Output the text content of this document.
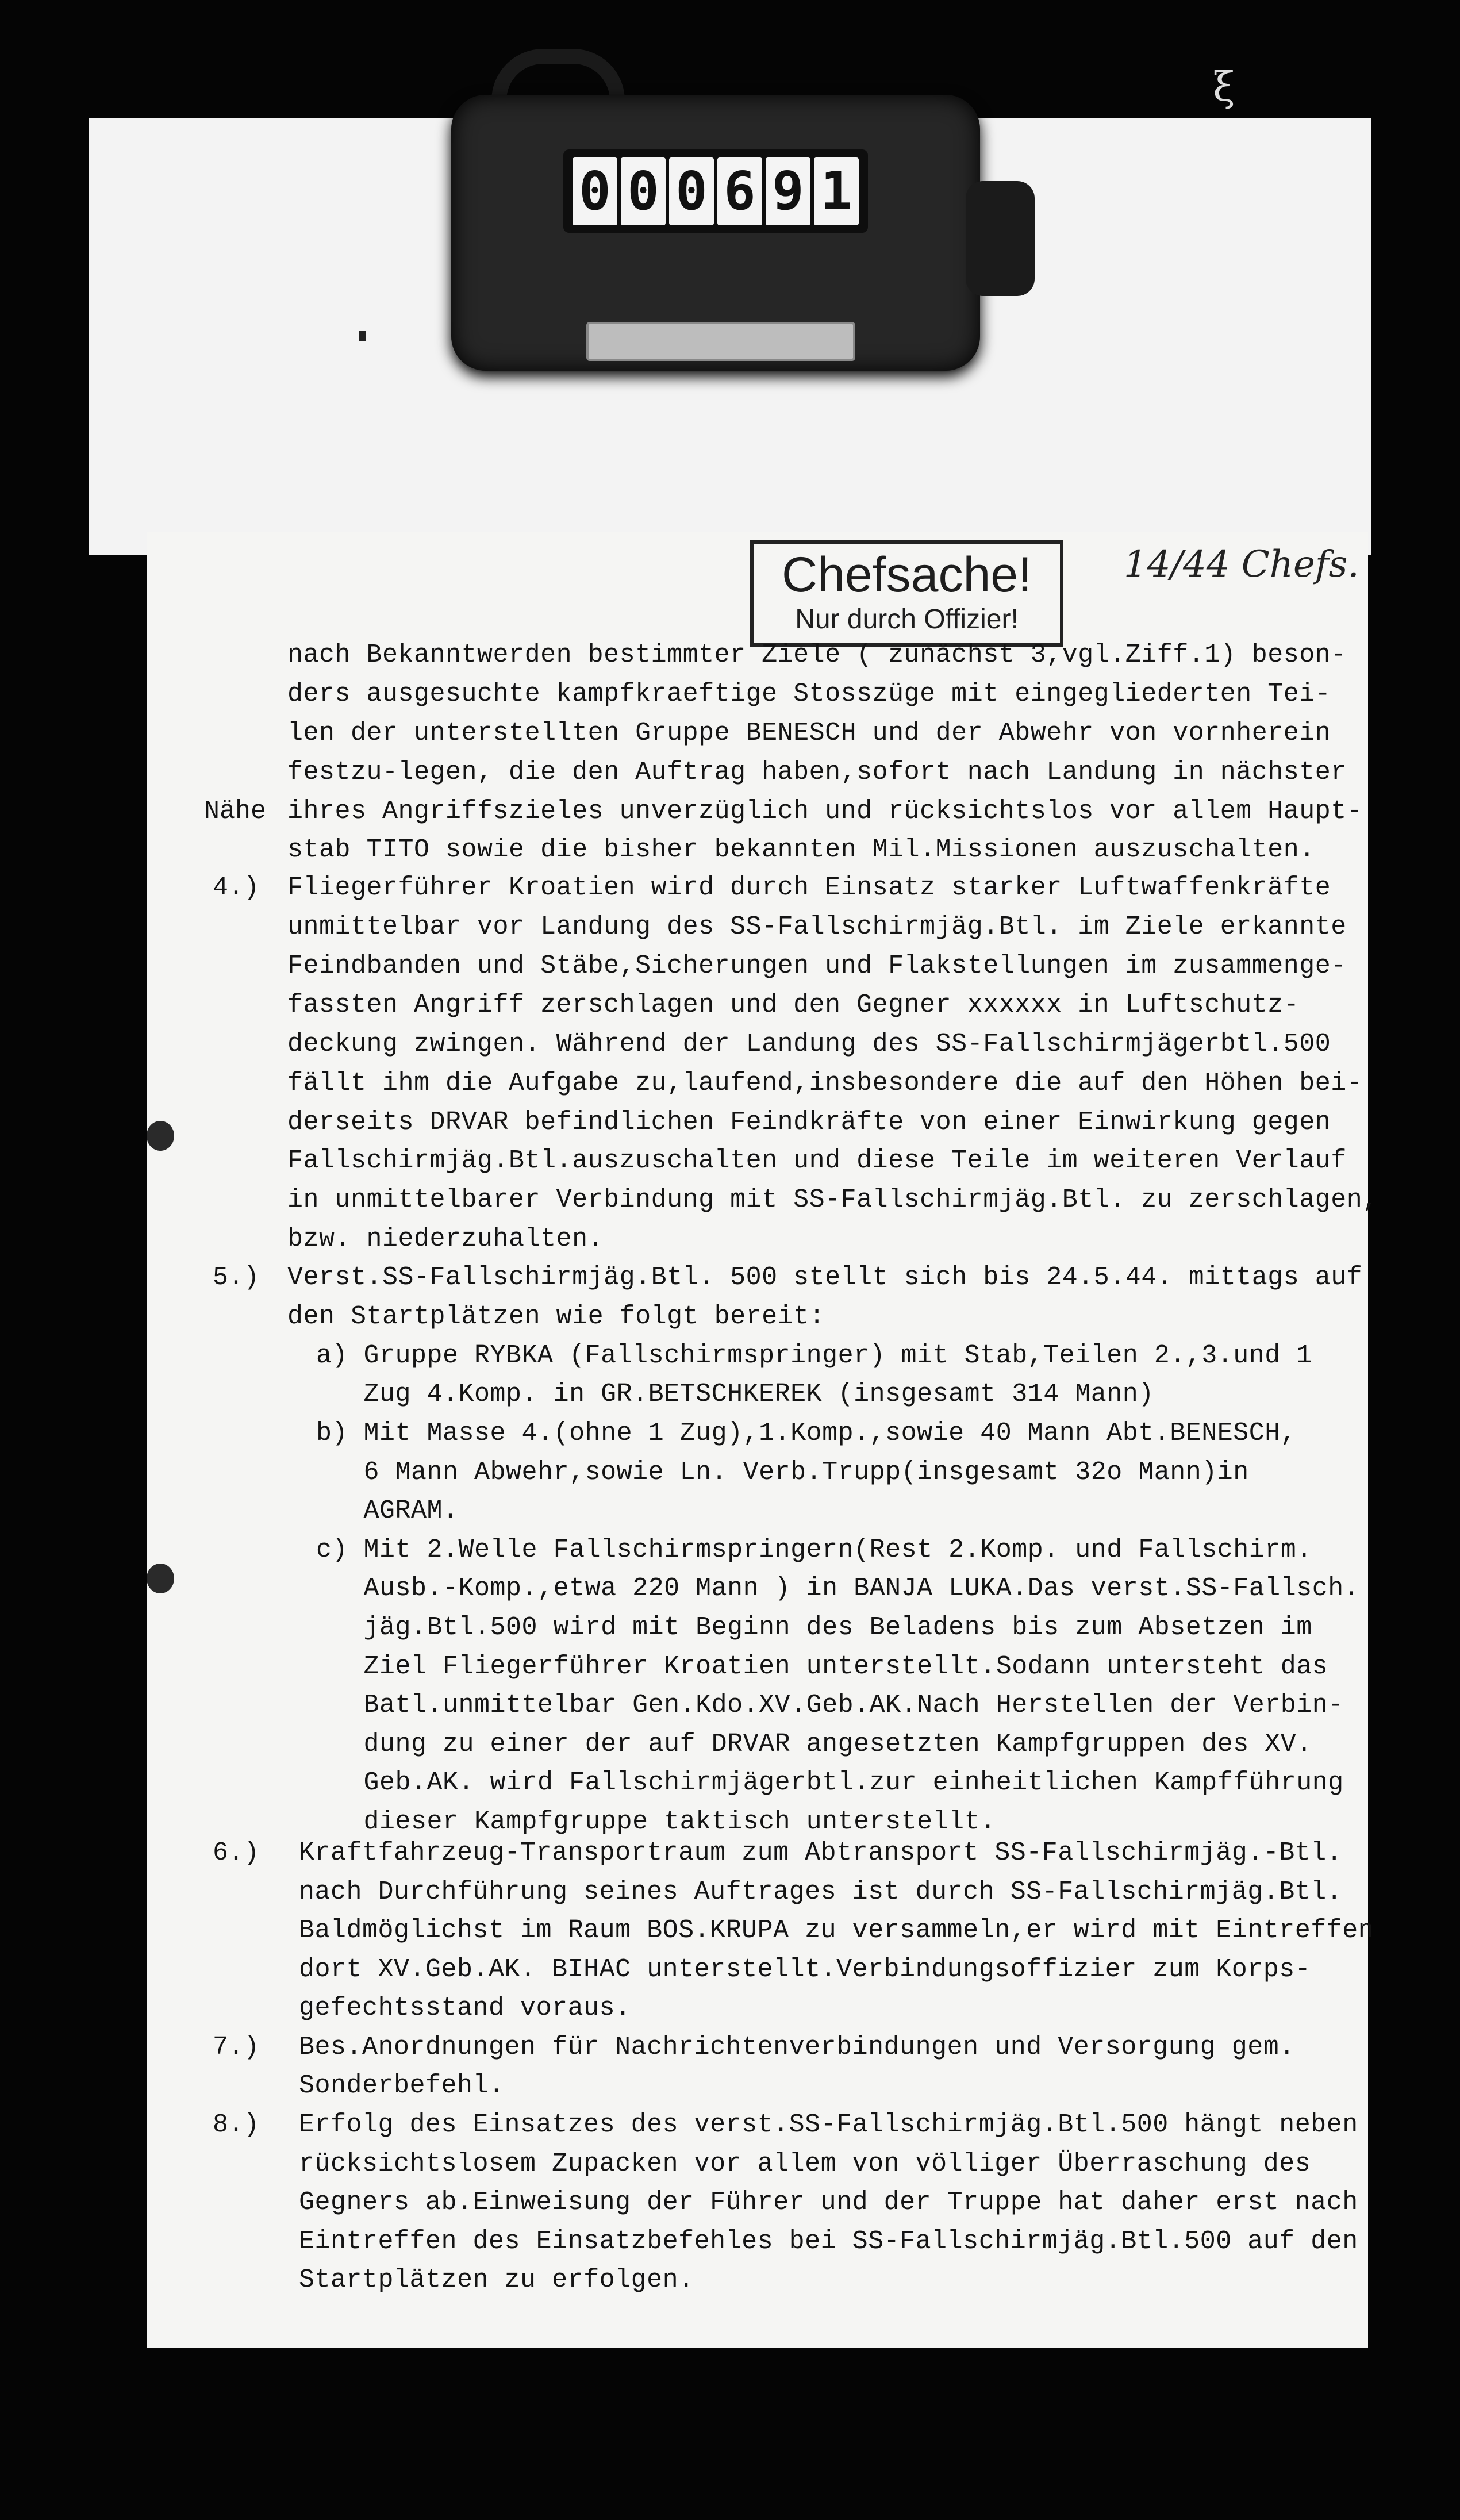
ξ
0 0 0 6 9 1
Chefsache!
Nur durch Offizier!
14/44 Chefs.
Nähe
4.)
5.)
6.)
7.)
8.)
nach Bekanntwerden bestimmter Ziele ( zunächst 3,vgl.Ziff.1) beson-
ders ausgesuchte kampfkraeftige Stosszüge mit eingegliederten Tei-
len der unterstellten Gruppe BENESCH und der Abwehr von vornherein
festzu-legen, die den Auftrag haben,sofort nach Landung in nächster
ihres Angriffszieles unverzüglich und rücksichtslos vor allem Haupt-
stab TITO sowie die bisher bekannten Mil.Missionen auszuschalten.
Fliegerführer Kroatien wird durch Einsatz starker Luftwaffenkräfte
unmittelbar vor Landung des SS-Fallschirmjäg.Btl. im Ziele erkannte
Feindbanden und Stäbe,Sicherungen und Flakstellungen im zusammenge-
fassten Angriff zerschlagen und den Gegner xxxxxx in Luftschutz-
deckung zwingen. Während der Landung des SS-Fallschirmjägerbtl.500
fällt ihm die Aufgabe zu,laufend,insbesondere die auf den Höhen bei-
derseits DRVAR befindlichen Feindkräfte von einer Einwirkung gegen
Fallschirmjäg.Btl.auszuschalten und diese Teile im weiteren Verlauf
in unmittelbarer Verbindung mit SS-Fallschirmjäg.Btl. zu zerschlagen,
bzw. niederzuhalten.
Verst.SS-Fallschirmjäg.Btl. 500 stellt sich bis 24.5.44. mittags auf
den Startplätzen wie folgt bereit:
a) Gruppe RYBKA (Fallschirmspringer) mit Stab,Teilen 2.,3.und 1
Zug 4.Komp. in GR.BETSCHKEREK (insgesamt 314 Mann)
b) Mit Masse 4.(ohne 1 Zug),1.Komp.,sowie 40 Mann Abt.BENESCH,
6 Mann Abwehr,sowie Ln. Verb.Trupp(insgesamt 32o Mann)in
AGRAM.
c) Mit 2.Welle Fallschirmspringern(Rest 2.Komp. und Fallschirm.
Ausb.-Komp.,etwa 220 Mann ) in BANJA LUKA.Das verst.SS-Fallsch.
jäg.Btl.500 wird mit Beginn des Beladens bis zum Absetzen im
Ziel Fliegerführer Kroatien unterstellt.Sodann untersteht das
Batl.unmittelbar Gen.Kdo.XV.Geb.AK.Nach Herstellen der Verbin-
dung zu einer der auf DRVAR angesetzten Kampfgruppen des XV.
Geb.AK. wird Fallschirmjägerbtl.zur einheitlichen Kampfführung
dieser Kampfgruppe taktisch unterstellt.
Kraftfahrzeug-Transportraum zum Abtransport SS-Fallschirmjäg.-Btl.
nach Durchführung seines Auftrages ist durch SS-Fallschirmjäg.Btl.
Baldmöglichst im Raum BOS.KRUPA zu versammeln,er wird mit Eintreffen
dort XV.Geb.AK. BIHAC unterstellt.Verbindungsoffizier zum Korps-
gefechtsstand voraus.
Bes.Anordnungen für Nachrichtenverbindungen und Versorgung gem.
Sonderbefehl.
Erfolg des Einsatzes des verst.SS-Fallschirmjäg.Btl.500 hängt neben
rücksichtslosem Zupacken vor allem von völliger Überraschung des
Gegners ab.Einweisung der Führer und der Truppe hat daher erst nach
Eintreffen des Einsatzbefehles bei SS-Fallschirmjäg.Btl.500 auf den
Startplätzen zu erfolgen.
